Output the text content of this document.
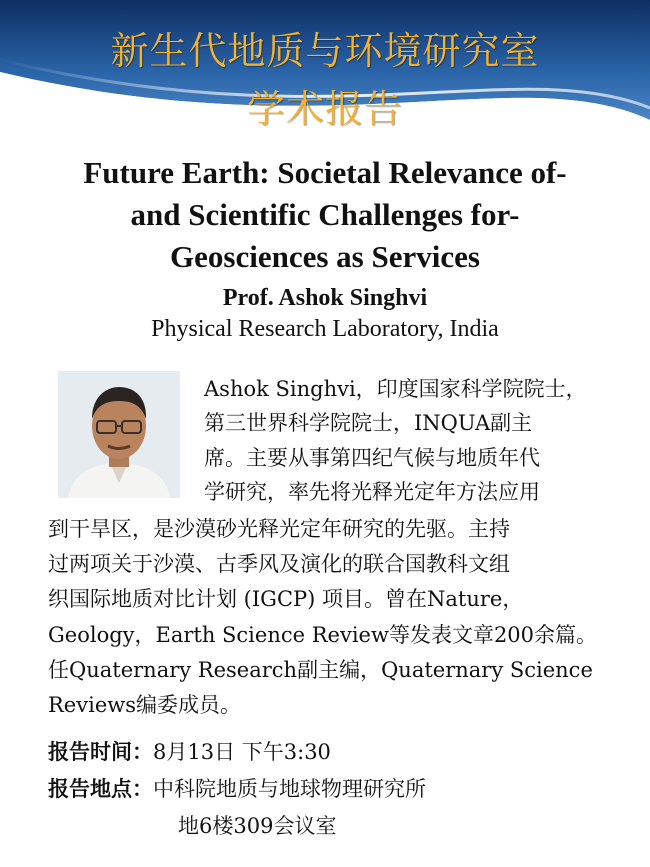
新生代地质与环境研究室
学术报告
Future Earth: Societal Relevance of-
and Scientific Challenges for-
Geosciences as Services
Prof. Ashok Singhvi
Physical Research Laboratory, India
Ashok Singhvi，印度国家科学院院士，
第三世界科学院院士，INQUA副主
席。主要从事第四纪气候与地质年代
学研究，率先将光释光定年方法应用
到干旱区，是沙漠砂光释光定年研究的先驱。主持
过两项关于沙漠、古季风及演化的联合国教科文组
织国际地质对比计划 (IGCP) 项目。曾在Nature，
Geology，Earth Science Review等发表文章200余篇。
任Quaternary Research副主编，Quaternary Science
Reviews编委成员。
报告时间：8月13日 下午3:30
报告地点：中科院地质与地球物理研究所
地6楼309会议室
